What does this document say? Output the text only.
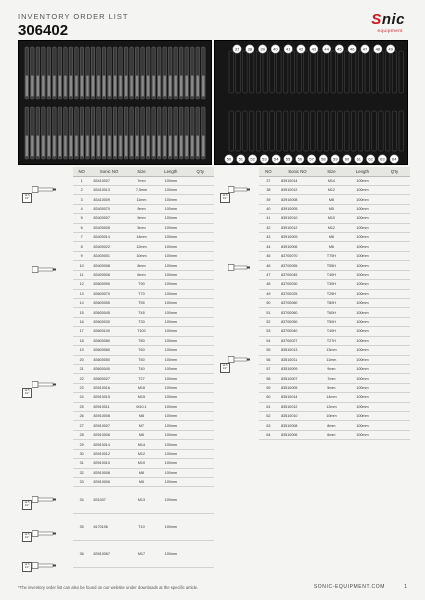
INVENTORY ORDER LIST
306402
Snic
equipment
37 38 39 40 41 42 43 44 45 46 47 48 49
50 51 52 53 54 55 56 57 58 59 60 61 62 63 64
	NO	Sonic NO	Size	Length	Q'ty
	1	83410007	7mm	100mm	
	2	83410013	7,5mm	100mm	
	3	83410009	11mm	100mm	
	4	83400070	9mm	100mm	
	5	83400007	9mm	100mm	
	6	83400005	5mm	100mm	
	7	83400014	14mm	100mm	
	8	83400022	12mm	100mm	
	9	83400001	10mm	100mm	
	10	83400008	8mm	100mm	
	11	83400006	6mm	100mm	
	12	83600090	T90	100mm	
	13	83600070	T70	100mm	
	14	83600055	T55	100mm	
	15	83600045	T45	100mm	
	16	83600030	T30	100mm	
	17	83600100	T100	100mm	
	18	83600080	T80	100mm	
	19	83600060	T60	100mm	
	20	83600050	T50	100mm	
	21	83600040	T40	100mm	
	22	83600027	T27	100mm	
	23	83910016	M16	100mm	
	24	83910015	M15	100mm	
	25	83910011	M10.1	100mm	
	26	83910008	M8	100mm	
	27	83910007	M7	100mm	
	28	83910006	M6	100mm	
	29	83910014	M14	100mm	
	30	83910012	M12	100mm	
	31	83910010	M10	100mm	
	32	83910008	M8	100mm	
	33	83910006	M6	100mm	
	34	831007	M13	100mm	
	35	8170106	T10	100mm	
	36	83910067	M17	100mm	
	NO	Sonic NO	Size	Length	Q'ty
	37	83910014	M14	100mm	
	38	83910012	M12	100mm	
	39	83910008	M8	100mm	
	40	83910005	M5	100mm	
	41	83910010	M10	100mm	
	42	83910012	M12	100mm	
	43	83910009	M8	100mm	
	44	83910006	M6	100mm	
	45	83700070	T70H	100mm	
	46	83700055	T55H	100mm	
	47	83700045	T40H	100mm	
	48	83700030	T30H	100mm	
	49	83700025	T25H	100mm	
	50	83700080	T80H	100mm	
	51	83700060	T60H	100mm	
	52	83700050	T50H	100mm	
	53	83700040	T40H	100mm	
	54	83700027	T27H	100mm	
	55	83510013	13mm	100mm	
	56	83510011	11mm	100mm	
	57	83510009	9mm	100mm	
	58	83510007	7mm	100mm	
	59	83510005	5mm	100mm	
	60	83510014	14mm	100mm	
	61	83510012	12mm	100mm	
	62	83510010	10mm	100mm	
	63	83510008	8mm	100mm	
	64	83510006	6mm	100mm	
12.5
1/2"
12.5
1/2"
12.5
1/2"
12.5
1/2"
12.5
1/2"
12.5
1/2"
12.5
1/2"
*The inventory order list can also be found on our website under downloads at the specific article.	SONIC-EQUIPMENT.COM	1
